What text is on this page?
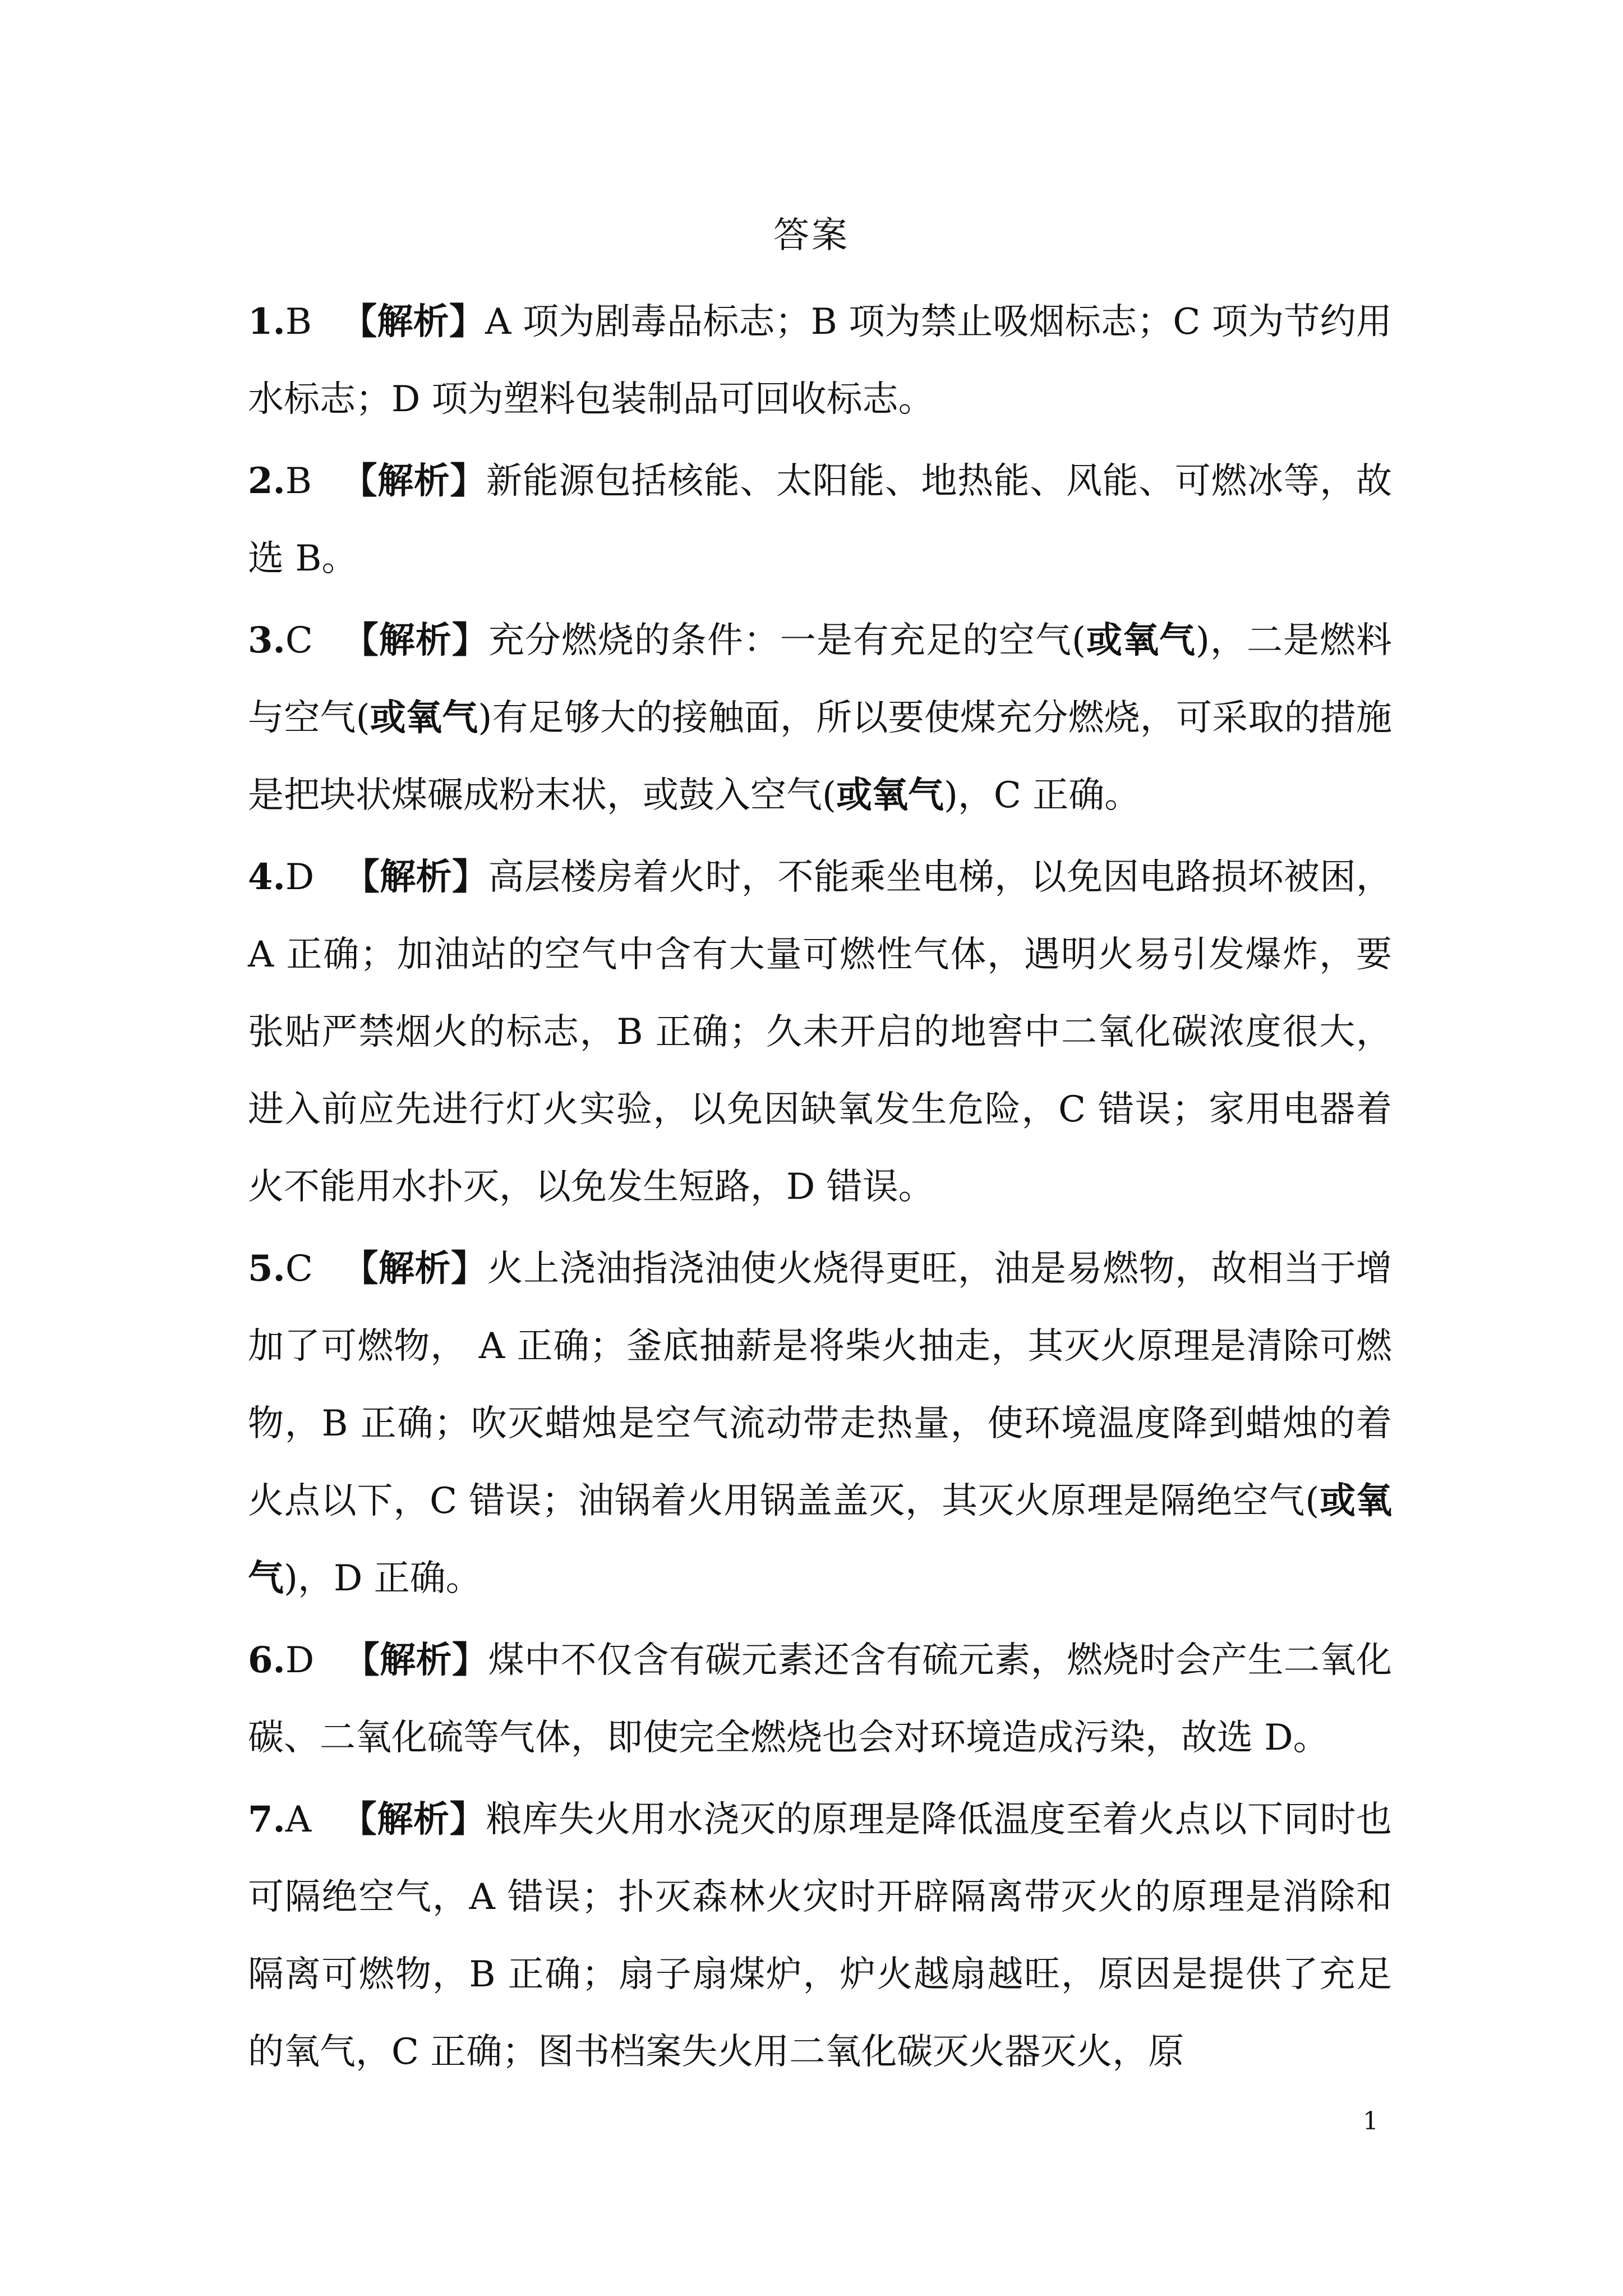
答案

1.B 【解析】A 项为剧毒品标志；B 项为禁止吸烟标志；C 项为节约用水标志；D 项为塑料包装制品可回收标志。

2.B 【解析】新能源包括核能、太阳能、地热能、风能、可燃冰等，故选 B。

3.C 【解析】充分燃烧的条件：一是有充足的空气(或氧气)，二是燃料与空气(或氧气)有足够大的接触面，所以要使煤充分燃烧，可采取的措施是把块状煤碾成粉末状，或鼓入空气(或氧气)，C 正确。

4.D 【解析】高层楼房着火时，不能乘坐电梯，以免因电路损坏被困，A 正确；加油站的空气中含有大量可燃性气体，遇明火易引发爆炸，要张贴严禁烟火的标志，B 正确；久未开启的地窖中二氧化碳浓度很大，进入前应先进行灯火实验，以免因缺氧发生危险，C 错误；家用电器着火不能用水扑灭，以免发生短路，D 错误。

5.C 【解析】火上浇油指浇油使火烧得更旺，油是易燃物，故相当于增加了可燃物， A 正确；釜底抽薪是将柴火抽走，其灭火原理是清除可燃物，B 正确；吹灭蜡烛是空气流动带走热量，使环境温度降到蜡烛的着火点以下，C 错误；油锅着火用锅盖盖灭，其灭火原理是隔绝空气(或氧气)，D 正确。

6.D 【解析】煤中不仅含有碳元素还含有硫元素，燃烧时会产生二氧化碳、二氧化硫等气体，即使完全燃烧也会对环境造成污染，故选 D。

7.A 【解析】粮库失火用水浇灭的原理是降低温度至着火点以下同时也可隔绝空气，A 错误；扑灭森林火灾时开辟隔离带灭火的原理是消除和隔离可燃物，B 正确；扇子扇煤炉，炉火越扇越旺，原因是提供了充足的氧气，C 正确；图书档案失火用二氧化碳灭火器灭火，原

1
